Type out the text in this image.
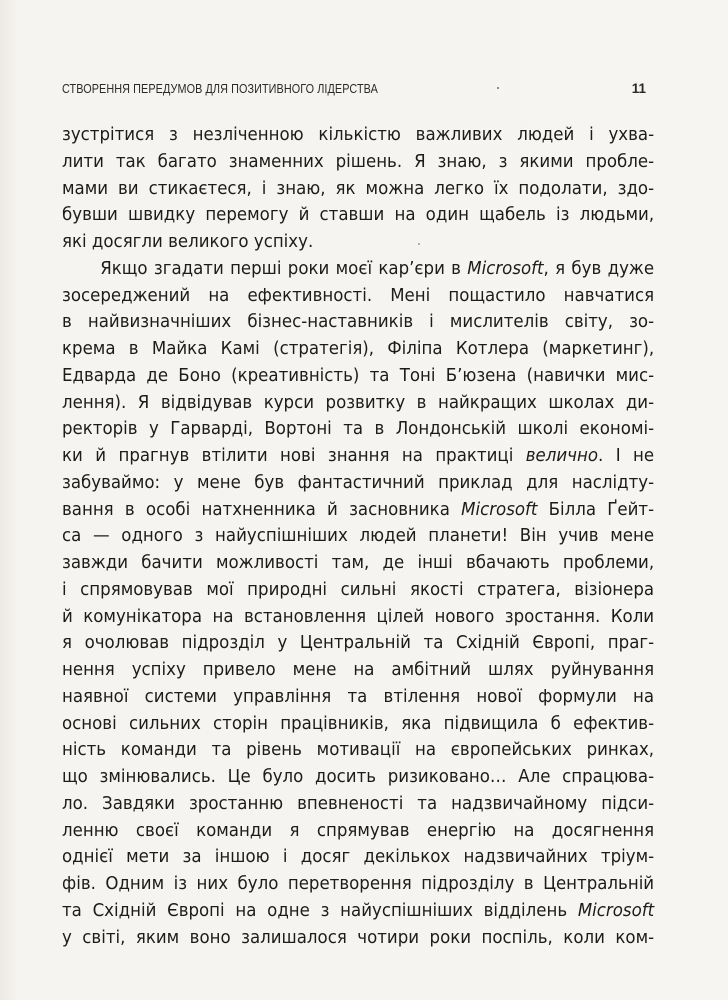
СТВОРЕННЯ ПЕРЕДУМОВ ДЛЯ ПОЗИТИВНОГО ЛІДЕРСТВА	11
зустрітися з незліченною кількістю важливих людей і ухва-
лити так багато знаменних рішень. Я знаю, з якими пробле-
мами ви стикаєтеся, і знаю, як можна легко їх подолати, здо-
бувши швидку перемогу й ставши на один щабель із людьми,
які досягли великого успіху.
Якщо згадати перші роки моєї кар’єри в Microsoft, я був дуже
зосереджений на ефективності. Мені пощастило навчатися
в найвизначніших бізнес-наставників і мислителів світу, зо-
крема в Майка Камі (стратегія), Філіпа Котлера (маркетинг),
Едварда де Боно (креативність) та Тоні Б’юзена (навички мис-
лення). Я відвідував курси розвитку в найкращих школах ди-
ректорів у Гарварді, Вортоні та в Лондонській школі економі-
ки й прагнув втілити нові знання на практиці велично. І не
забуваймо: у мене був фантастичний приклад для наслідту-
вання в особі натхненника й засновника Microsoft Білла Ґейт-
са — одного з найуспішніших людей планети! Він учив мене
завжди бачити можливості там, де інші вбачають проблеми,
і спрямовував мої природні сильні якості стратега, візіонера
й комунікатора на встановлення цілей нового зростання. Коли
я очолював підрозділ у Центральній та Східній Європі, праг-
нення успіху привело мене на амбітний шлях руйнування
наявної системи управління та втілення нової формули на
основі сильних сторін працівників, яка підвищила б ефектив-
ність команди та рівень мотивації на європейських ринках,
що змінювались. Це було досить ризиковано… Але спрацюва-
ло. Завдяки зростанню впевненості та надзвичайному підси-
ленню своєї команди я спрямував енергію на досягнення
однієї мети за іншою і досяг декількох надзвичайних тріум-
фів. Одним із них було перетворення підрозділу в Центральній
та Східній Європі на одне з найуспішніших відділень Microsoft
у світі, яким воно залишалося чотири роки поспіль, коли ком-
